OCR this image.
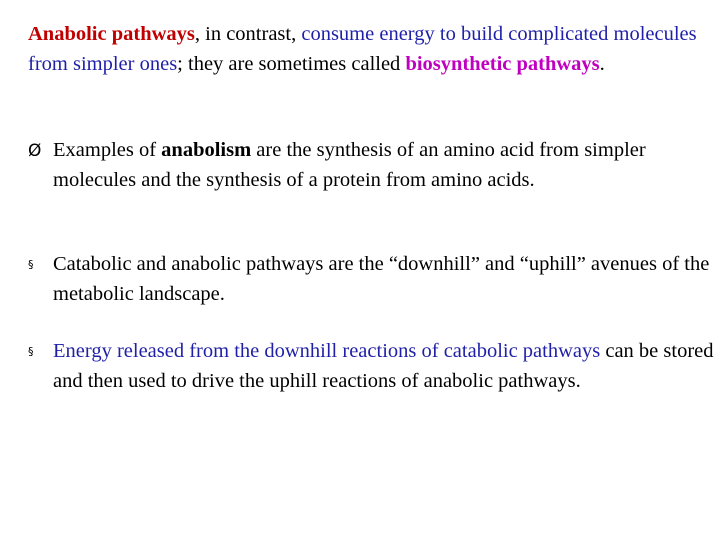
Anabolic pathways, in contrast, consume energy to build complicated molecules from simpler ones; they are sometimes called biosynthetic pathways.
Ø Examples of anabolism are the synthesis of an amino acid from simpler molecules and the synthesis of a protein from amino acids.
§ Catabolic and anabolic pathways are the “downhill” and “uphill” avenues of the metabolic landscape.
§ Energy released from the downhill reactions of catabolic pathways can be stored and then used to drive the uphill reactions of anabolic pathways.
